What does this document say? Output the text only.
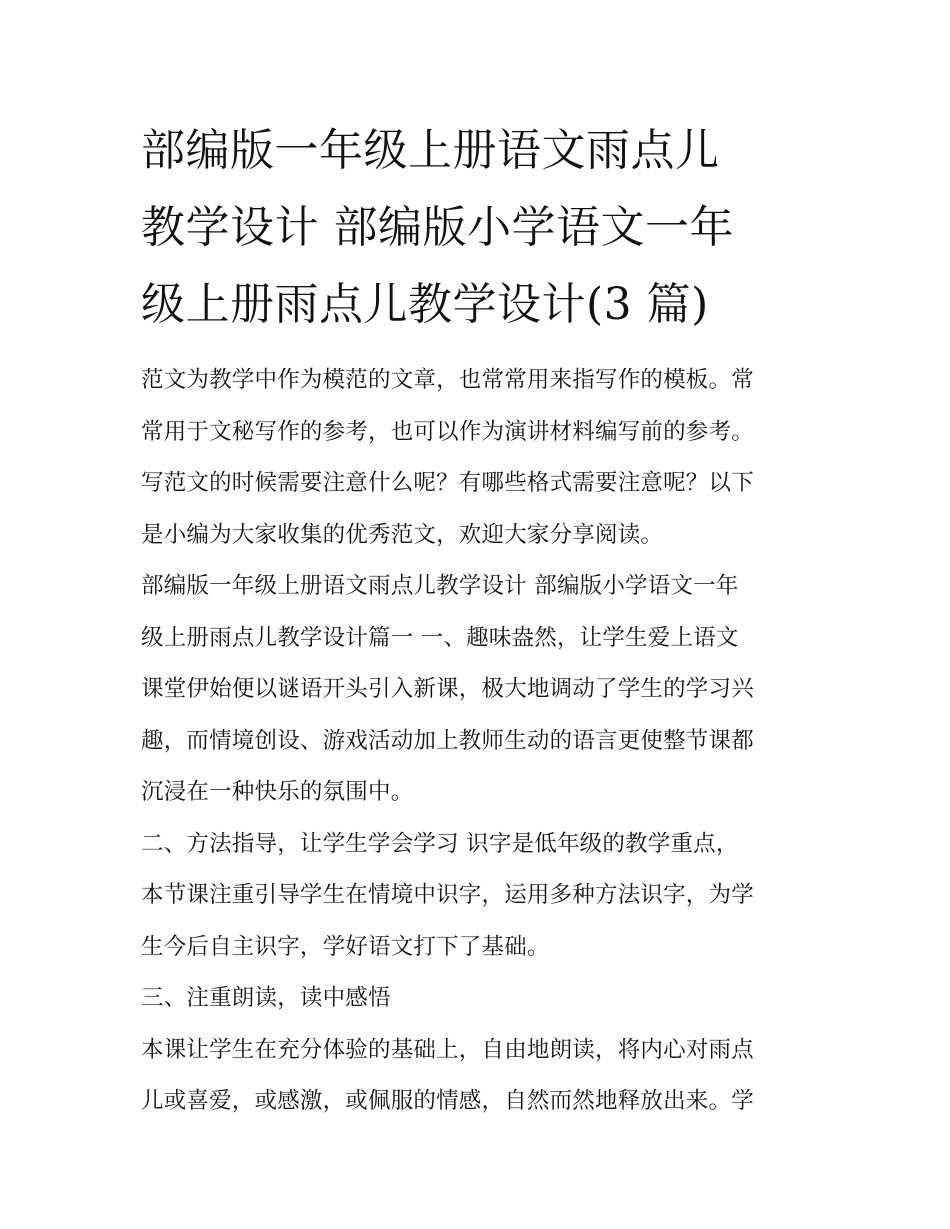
部编版一年级上册语文雨点儿
教学设计 部编版小学语文一年
级上册雨点儿教学设计(3 篇)

范文为教学中作为模范的文章，也常常用来指写作的模板。常
常用于文秘写作的参考，也可以作为演讲材料编写前的参考。
写范文的时候需要注意什么呢？有哪些格式需要注意呢？以下
是小编为大家收集的优秀范文，欢迎大家分享阅读。

部编版一年级上册语文雨点儿教学设计 部编版小学语文一年
级上册雨点儿教学设计篇一 一、趣味盎然，让学生爱上语文
课堂伊始便以谜语开头引入新课，极大地调动了学生的学习兴
趣，而情境创设、游戏活动加上教师生动的语言更使整节课都
沉浸在一种快乐的氛围中。

二、方法指导，让学生学会学习 识字是低年级的教学重点，
本节课注重引导学生在情境中识字，运用多种方法识字，为学
生今后自主识字，学好语文打下了基础。

三、注重朗读，读中感悟

本课让学生在充分体验的基础上，自由地朗读，将内心对雨点
儿或喜爱，或感激，或佩服的情感，自然而然地释放出来。学
